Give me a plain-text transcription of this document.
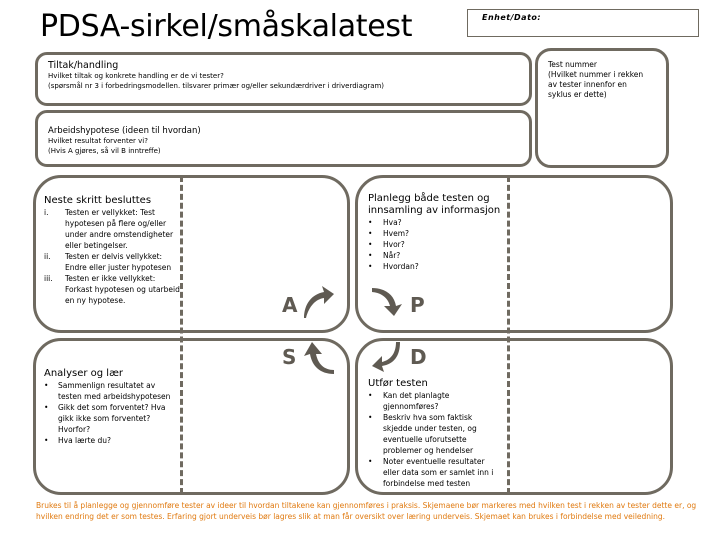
PDSA-sirkel/småskalatest	Enhet/Dato:
Tiltak/handling
Hvilket tiltak og konkrete handling er de vi tester?
(spørsmål nr 3 i forbedringsmodellen. tilsvarer primær og/eller sekundærdriver i driverdiagram)
Test nummer
(Hvilket nummer i rekken
av tester innenfor en
syklus er dette)
Arbeidshypotese (ideen til hvordan)
Hvilket resultat forventer vi?
(Hvis A gjøres, så vil B inntreffe)
Neste skritt besluttes
i. Testen er vellykket: Test hypotesen på flere og/eller under andre omstendigheter eller betingelser.
ii. Testen er delvis vellykket: Endre eller juster hypotesen
iii. Testen er ikke vellykket: Forkast hypotesen og utarbeid en ny hypotese.
Planlegg både testen og innsamling av informasjon
• Hva?
• Hvem?
• Hvor?
• Når?
• Hvordan?
Analyser og lær
• Sammenlign resultatet av testen med arbeidshypotesen
• Gikk det som forventet? Hva gikk ikke som forventet? Hvorfor?
• Hva lærte du?
Utfør testen
• Kan det planlagte gjennomføres?
• Beskriv hva som faktisk skjedde under testen, og eventuelle uforutsette problemer og hendelser
• Noter eventuelle resultater eller data som er samlet inn i forbindelse med testen
A	P
S	D
Brukes til å planlegge og gjennomføre tester av ideer til hvordan tiltakene kan gjennomføres i praksis. Skjemaene bør markeres med hvilken test i rekken av tester dette er, og hvilken endring det er som testes. Erfaring gjort underveis bør lagres slik at man får oversikt over læring underveis. Skjemaet kan brukes i forbindelse med veiledning.
